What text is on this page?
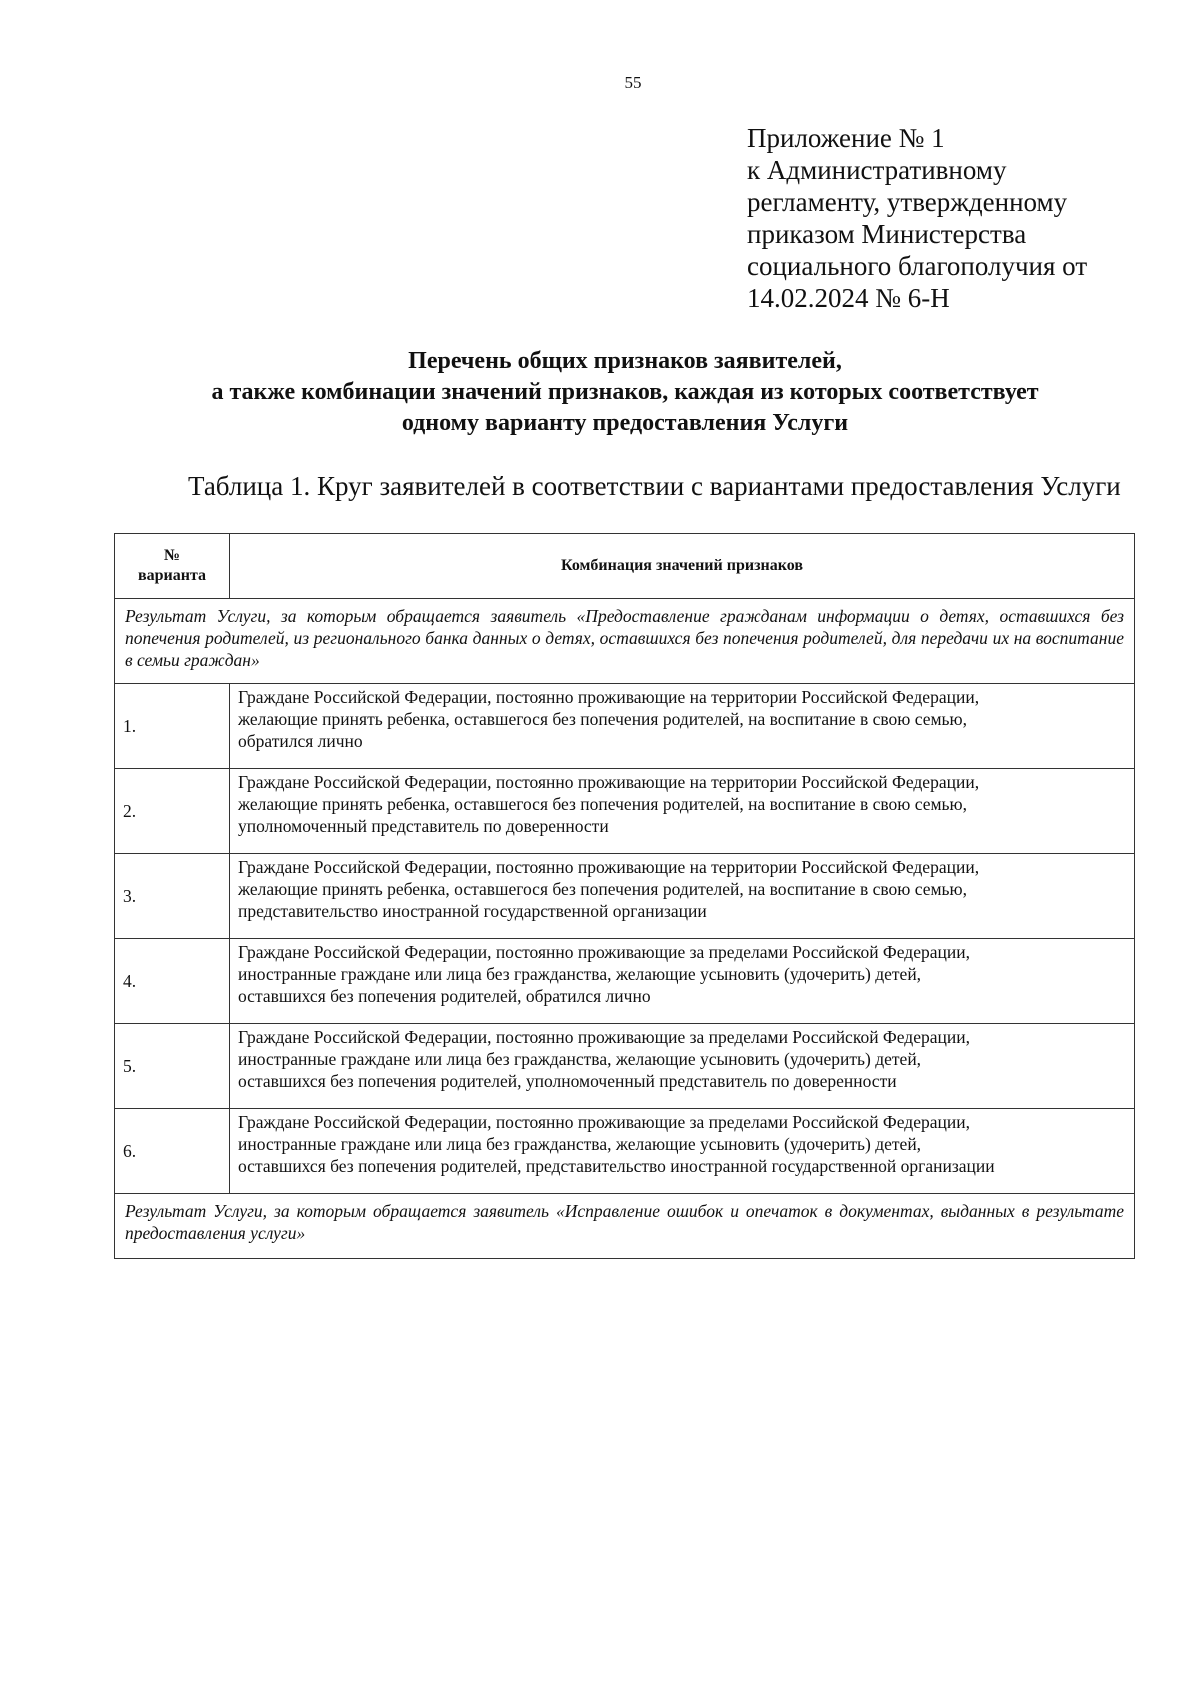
55
Приложение № 1
к Административному
регламенту, утвержденному
приказом Министерства
социального благополучия от
14.02.2024 № 6-Н
Перечень общих признаков заявителей,
а также комбинации значений признаков, каждая из которых соответствует
одному варианту предоставления Услуги
Таблица 1. Круг заявителей в соответствии с вариантами предоставления Услуги
№
варианта	Комбинация значений признаков
Результат Услуги, за которым обращается заявитель «Предоставление гражданам информации о детях, оставшихся без попечения родителей, из регионального банка данных о детях, оставшихся без попечения родителей, для передачи их на воспитание в семьи граждан»	
1.	Граждане Российской Федерации, постоянно проживающие на территории Российской Федерации,
желающие принять ребенка, оставшегося без попечения родителей, на воспитание в свою семью,
обратился лично

2.	Граждане Российской Федерации, постоянно проживающие на территории Российской Федерации,
желающие принять ребенка, оставшегося без попечения родителей, на воспитание в свою семью,
уполномоченный представитель по доверенности

3.	Граждане Российской Федерации, постоянно проживающие на территории Российской Федерации,
желающие принять ребенка, оставшегося без попечения родителей, на воспитание в свою семью,
представительство иностранной государственной организации

4.	Граждане Российской Федерации, постоянно проживающие за пределами Российской Федерации,
иностранные граждане или лица без гражданства, желающие усыновить (удочерить) детей,
оставшихся без попечения родителей, обратился лично

5.	Граждане Российской Федерации, постоянно проживающие за пределами Российской Федерации,
иностранные граждане или лица без гражданства, желающие усыновить (удочерить) детей,
оставшихся без попечения родителей, уполномоченный представитель по доверенности

6.	Граждане Российской Федерации, постоянно проживающие за пределами Российской Федерации,
иностранные граждане или лица без гражданства, желающие усыновить (удочерить) детей,
оставшихся без попечения родителей, представительство иностранной государственной организации

Результат Услуги, за которым обращается заявитель «Исправление ошибок и опечаток в документах, выданных в результате предоставления услуги»	
